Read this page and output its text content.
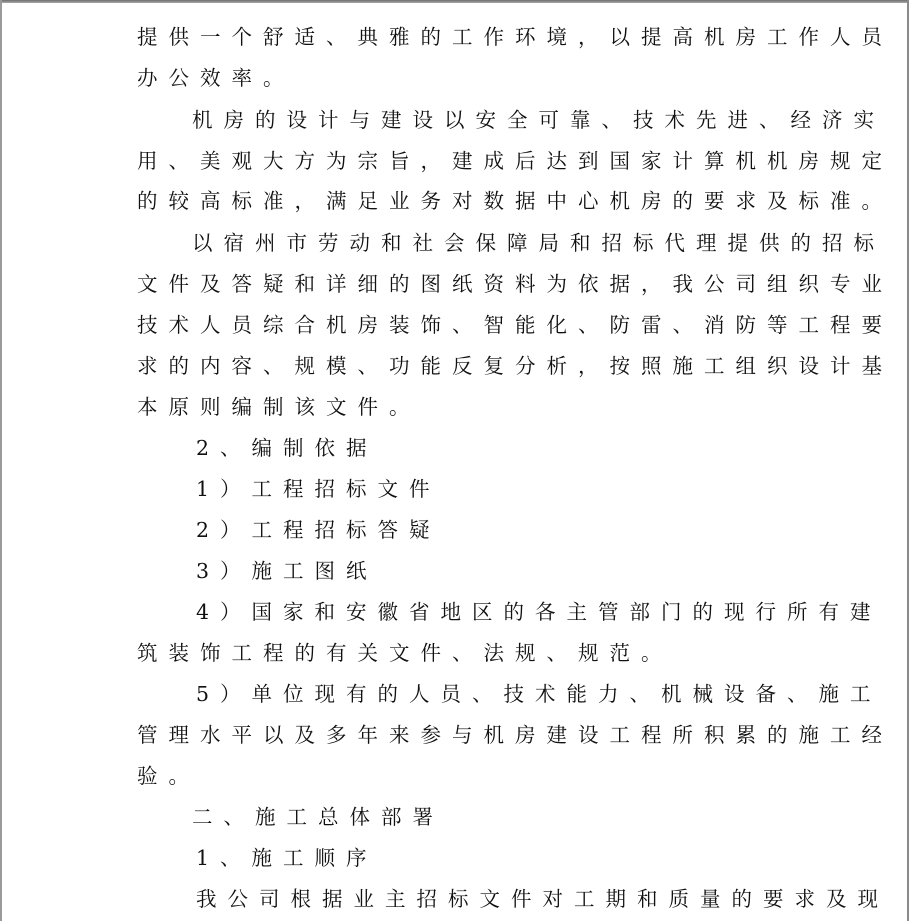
提供一个舒适、典雅的工作环境，以提高机房工作人员
办公效率。
机房的设计与建设以安全可靠、技术先进、经济实
用、美观大方为宗旨，建成后达到国家计算机机房规定
的较高标准，满足业务对数据中心机房的要求及标准。
以宿州市劳动和社会保障局和招标代理提供的招标
文件及答疑和详细的图纸资料为依据，我公司组织专业
技术人员综合机房装饰、智能化、防雷、消防等工程要
求的内容、规模、功能反复分析，按照施工组织设计基
本原则编制该文件。
2、编制依据
1）工程招标文件
2）工程招标答疑
3）施工图纸
4）国家和安徽省地区的各主管部门的现行所有建
筑装饰工程的有关文件、法规、规范。
5）单位现有的人员、技术能力、机械设备、施工
管理水平以及多年来参与机房建设工程所积累的施工经
验。
二、施工总体部署
1、施工顺序
我公司根据业主招标文件对工期和质量的要求及现
